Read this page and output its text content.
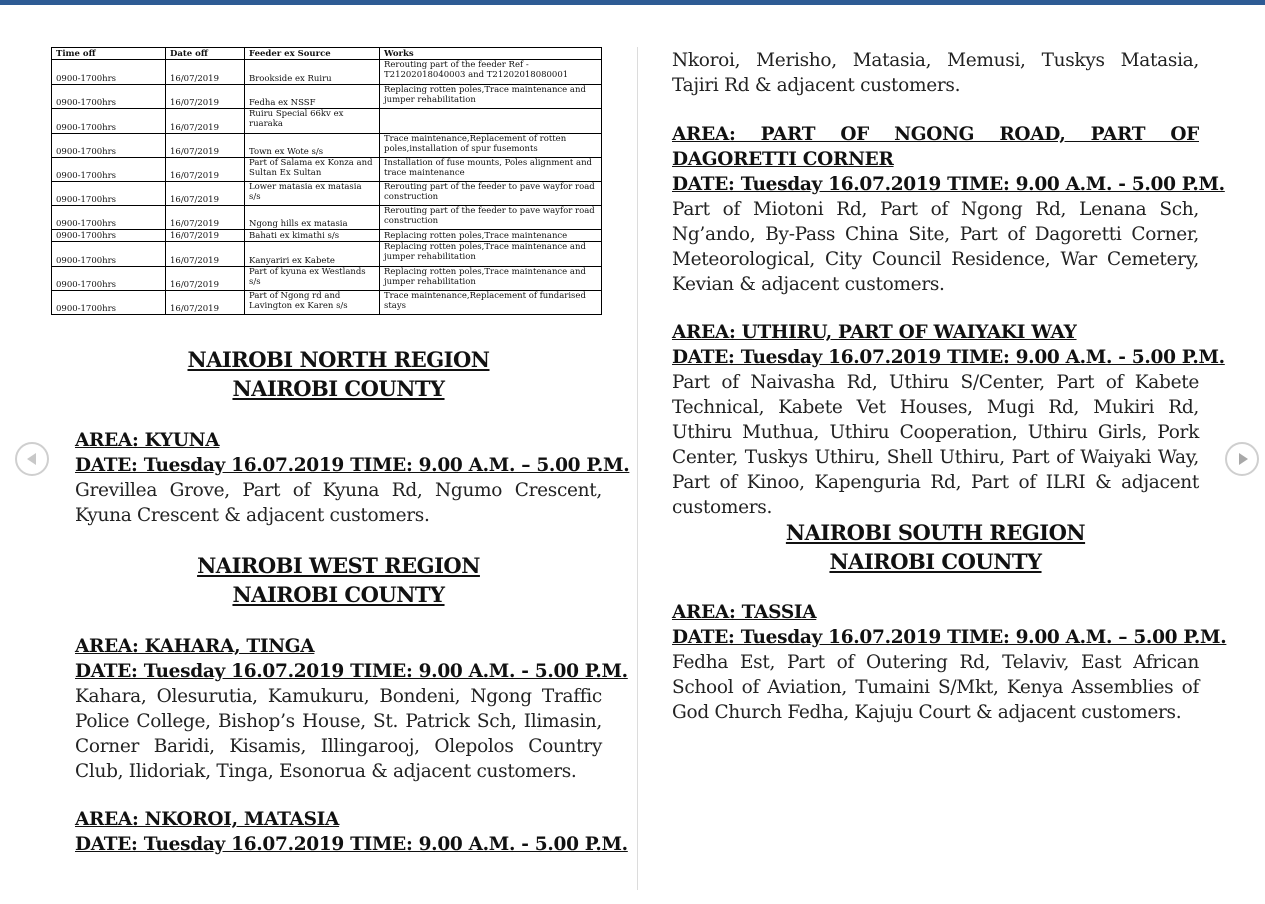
Time off	Date off	Feeder ex Source	Works
0900-1700hrs	16/07/2019	Brookside ex Ruiru	Rerouting part of the feeder Ref - T21202018040003 and T21202018080001
0900-1700hrs	16/07/2019	Fedha ex NSSF	Replacing rotten poles,Trace maintenance and jumper rehabilitation
0900-1700hrs	16/07/2019	Ruiru Special 66kv ex ruaraka	
0900-1700hrs	16/07/2019	Town ex Wote s/s	Trace maintenance,Replacement of rotten poles,installation of spur fusemonts
0900-1700hrs	16/07/2019	Part of Salama ex Konza and Sultan Ex Sultan	Installation of fuse mounts, Poles alignment and trace maintenance
0900-1700hrs	16/07/2019	Lower matasia ex matasia s/s	Rerouting part of the feeder to pave wayfor road construction
0900-1700hrs	16/07/2019	Ngong hills ex matasia	Rerouting part of the feeder to pave wayfor road construction
0900-1700hrs	16/07/2019	Bahati ex kimathi s/s	Replacing rotten poles,Trace maintenance
0900-1700hrs	16/07/2019	Kanyariri ex Kabete	Replacing rotten poles,Trace maintenance and jumper rehabilitation
0900-1700hrs	16/07/2019	Part of kyuna ex Westlands s/s	Replacing rotten poles,Trace maintenance and jumper rehabilitation
0900-1700hrs	16/07/2019	Part of Ngong rd and Lavington ex Karen s/s	Trace maintenance,Replacement of fundarised stays
NAIROBI NORTH REGION
NAIROBI COUNTY
AREA: KYUNA
DATE: Tuesday 16.07.2019 TIME: 9.00 A.M. – 5.00 P.M.
Grevillea Grove, Part of Kyuna Rd, Ngumo Crescent, Kyuna Crescent & adjacent customers.
NAIROBI WEST REGION
NAIROBI COUNTY
AREA: KAHARA, TINGA
DATE: Tuesday 16.07.2019 TIME: 9.00 A.M. - 5.00 P.M.
Kahara, Olesurutia, Kamukuru, Bondeni, Ngong Traffic Police College, Bishop’s House, St. Patrick Sch, Ilimasin, Corner Baridi, Kisamis, Illingarooj, Olepolos Country Club, Ilidoriak, Tinga, Esonorua & adjacent customers.
AREA: NKOROI, MATASIA
DATE: Tuesday 16.07.2019 TIME: 9.00 A.M. - 5.00 P.M.
Nkoroi, Merisho, Matasia, Memusi, Tuskys Matasia, Tajiri Rd & adjacent customers.
AREA: PART OF NGONG ROAD, PART OF DAGORETTI CORNER
DATE: Tuesday 16.07.2019 TIME: 9.00 A.M. - 5.00 P.M.
Part of Miotoni Rd, Part of Ngong Rd, Lenana Sch, Ng’ando, By-Pass China Site, Part of Dagoretti Corner, Meteorological, City Council Residence, War Cemetery, Kevian & adjacent customers.
AREA: UTHIRU, PART OF WAIYAKI WAY
DATE: Tuesday 16.07.2019 TIME: 9.00 A.M. - 5.00 P.M.
Part of Naivasha Rd, Uthiru S/Center, Part of Kabete Technical, Kabete Vet Houses, Mugi Rd, Mukiri Rd, Uthiru Muthua, Uthiru Cooperation, Uthiru Girls, Pork Center, Tuskys Uthiru, Shell Uthiru, Part of Waiyaki Way, Part of Kinoo, Kapenguria Rd, Part of ILRI & adjacent customers.
NAIROBI SOUTH REGION
NAIROBI COUNTY
AREA: TASSIA
DATE: Tuesday 16.07.2019 TIME: 9.00 A.M. – 5.00 P.M.
Fedha Est, Part of Outering Rd, Telaviv, East African School of Aviation, Tumaini S/Mkt, Kenya Assemblies of God Church Fedha, Kajuju Court & adjacent customers.
